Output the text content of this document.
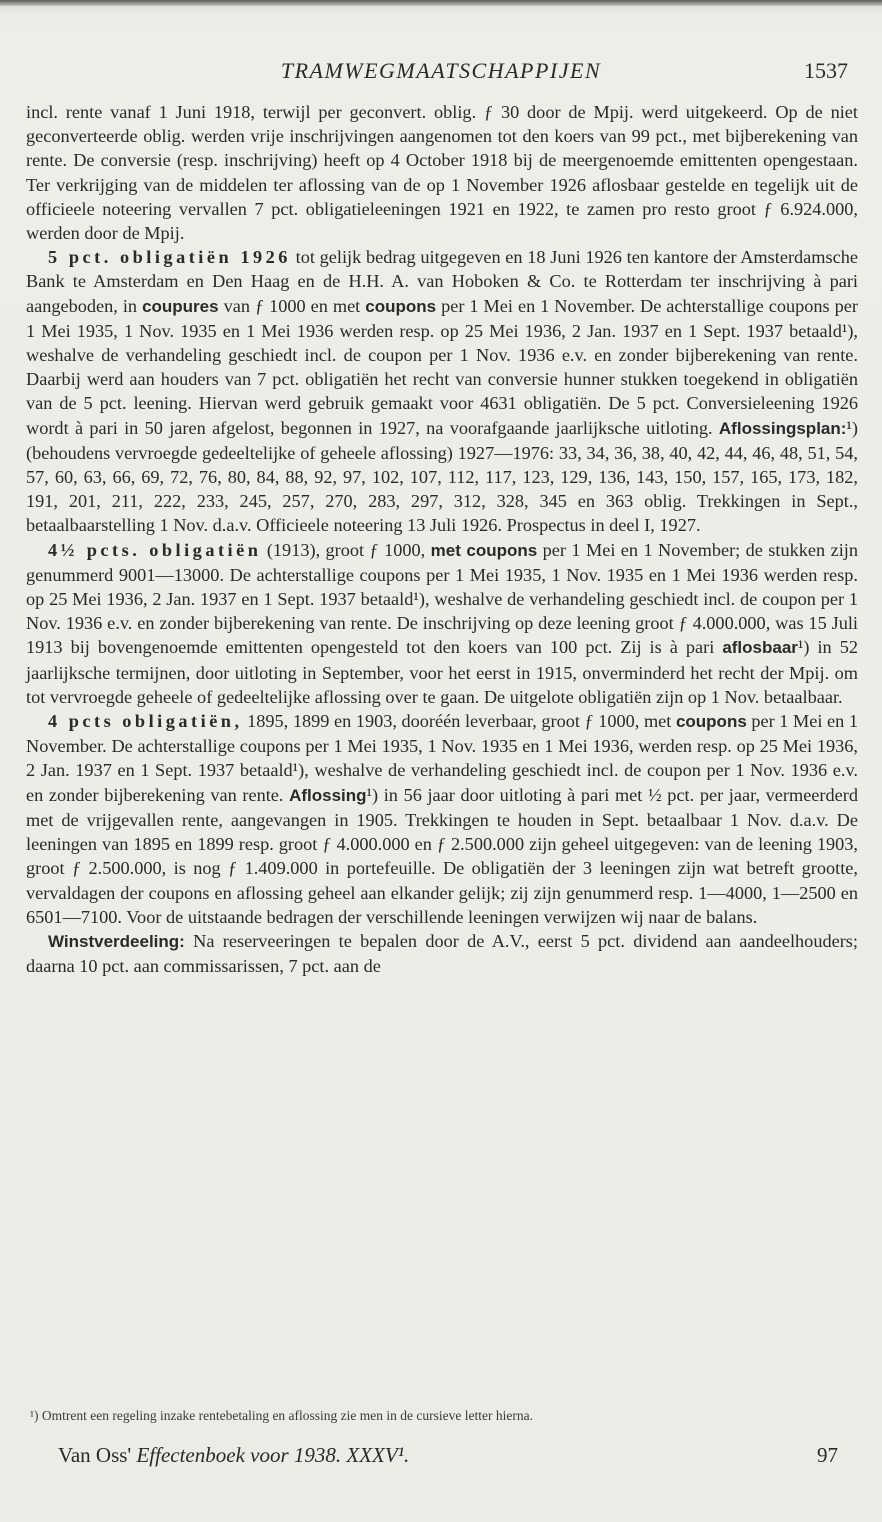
TRAMWEGMAATSCHAPPIJEN	1537

incl. rente vanaf 1 Juni 1918, terwijl per geconvert. oblig. ƒ 30 door de Mpij. werd uitgekeerd. Op de niet geconverteerde oblig. werden vrije inschrijvingen aangenomen tot den koers van 99 pct., met bijberekening van rente. De conversie (resp. inschrijving) heeft op 4 October 1918 bij de meergenoemde emittenten opengestaan. Ter verkrijging van de middelen ter aflossing van de op 1 November 1926 aflosbaar gestelde en tegelijk uit de officieele noteering vervallen 7 pct. obligatieleeningen 1921 en 1922, te zamen pro resto groot ƒ 6.924.000, werden door de Mpij.

5 pct. obligatiën 1926 tot gelijk bedrag uitgegeven en 18 Juni 1926 ten kantore der Amsterdamsche Bank te Amsterdam en Den Haag en de H.H. A. van Hoboken & Co. te Rotterdam ter inschrijving à pari aangeboden, in coupures van ƒ 1000 en met coupons per 1 Mei en 1 November. De achterstallige coupons per 1 Mei 1935, 1 Nov. 1935 en 1 Mei 1936 werden resp. op 25 Mei 1936, 2 Jan. 1937 en 1 Sept. 1937 betaald¹), weshalve de verhandeling geschiedt incl. de coupon per 1 Nov. 1936 e.v. en zonder bijberekening van rente. Daarbij werd aan houders van 7 pct. obligatiën het recht van conversie hunner stukken toegekend in obligatiën van de 5 pct. leening. Hiervan werd gebruik gemaakt voor 4631 obligatiën. De 5 pct. Conversieleening 1926 wordt à pari in 50 jaren afgelost, begonnen in 1927, na voorafgaande jaarlijksche uitloting. Aflossingsplan:¹) (behoudens vervroegde gedeeltelijke of geheele aflossing) 1927—1976: 33, 34, 36, 38, 40, 42, 44, 46, 48, 51, 54, 57, 60, 63, 66, 69, 72, 76, 80, 84, 88, 92, 97, 102, 107, 112, 117, 123, 129, 136, 143, 150, 157, 165, 173, 182, 191, 201, 211, 222, 233, 245, 257, 270, 283, 297, 312, 328, 345 en 363 oblig. Trekkingen in Sept., betaalbaarstelling 1 Nov. d.a.v. Officieele noteering 13 Juli 1926. Prospectus in deel I, 1927.

4½ pcts. obligatiën (1913), groot ƒ 1000, met coupons per 1 Mei en 1 November; de stukken zijn genummerd 9001—13000. De achterstallige coupons per 1 Mei 1935, 1 Nov. 1935 en 1 Mei 1936 werden resp. op 25 Mei 1936, 2 Jan. 1937 en 1 Sept. 1937 betaald¹), weshalve de verhandeling geschiedt incl. de coupon per 1 Nov. 1936 e.v. en zonder bijberekening van rente. De inschrijving op deze leening groot ƒ 4.000.000, was 15 Juli 1913 bij bovengenoemde emittenten opengesteld tot den koers van 100 pct. Zij is à pari aflosbaar¹) in 52 jaarlijksche termijnen, door uitloting in September, voor het eerst in 1915, onverminderd het recht der Mpij. om tot vervroegde geheele of gedeeltelijke aflossing over te gaan. De uitgelote obligatiën zijn op 1 Nov. betaalbaar.

4 pcts obligatiën, 1895, 1899 en 1903, dooréén leverbaar, groot ƒ 1000, met coupons per 1 Mei en 1 November. De achterstallige coupons per 1 Mei 1935, 1 Nov. 1935 en 1 Mei 1936, werden resp. op 25 Mei 1936, 2 Jan. 1937 en 1 Sept. 1937 betaald¹), weshalve de verhandeling geschiedt incl. de coupon per 1 Nov. 1936 e.v. en zonder bijberekening van rente. Aflossing¹) in 56 jaar door uitloting à pari met ½ pct. per jaar, vermeerderd met de vrijgevallen rente, aangevangen in 1905. Trekkingen te houden in Sept. betaalbaar 1 Nov. d.a.v. De leeningen van 1895 en 1899 resp. groot ƒ 4.000.000 en ƒ 2.500.000 zijn geheel uitgegeven: van de leening 1903, groot ƒ 2.500.000, is nog ƒ 1.409.000 in portefeuille. De obligatiën der 3 leeningen zijn wat betreft grootte, vervaldagen der coupons en aflossing geheel aan elkander gelijk; zij zijn genummerd resp. 1—4000, 1—2500 en 6501—7100. Voor de uitstaande bedragen der verschillende leeningen verwijzen wij naar de balans.

Winstverdeeling: Na reserveeringen te bepalen door de A.V., eerst 5 pct. dividend aan aandeelhouders; daarna 10 pct. aan commissarissen, 7 pct. aan de

¹) Omtrent een regeling inzake rentebetaling en aflossing zie men in de cursieve letter hierna.
Van Oss' Effectenboek voor 1938. XXXV¹.	97
